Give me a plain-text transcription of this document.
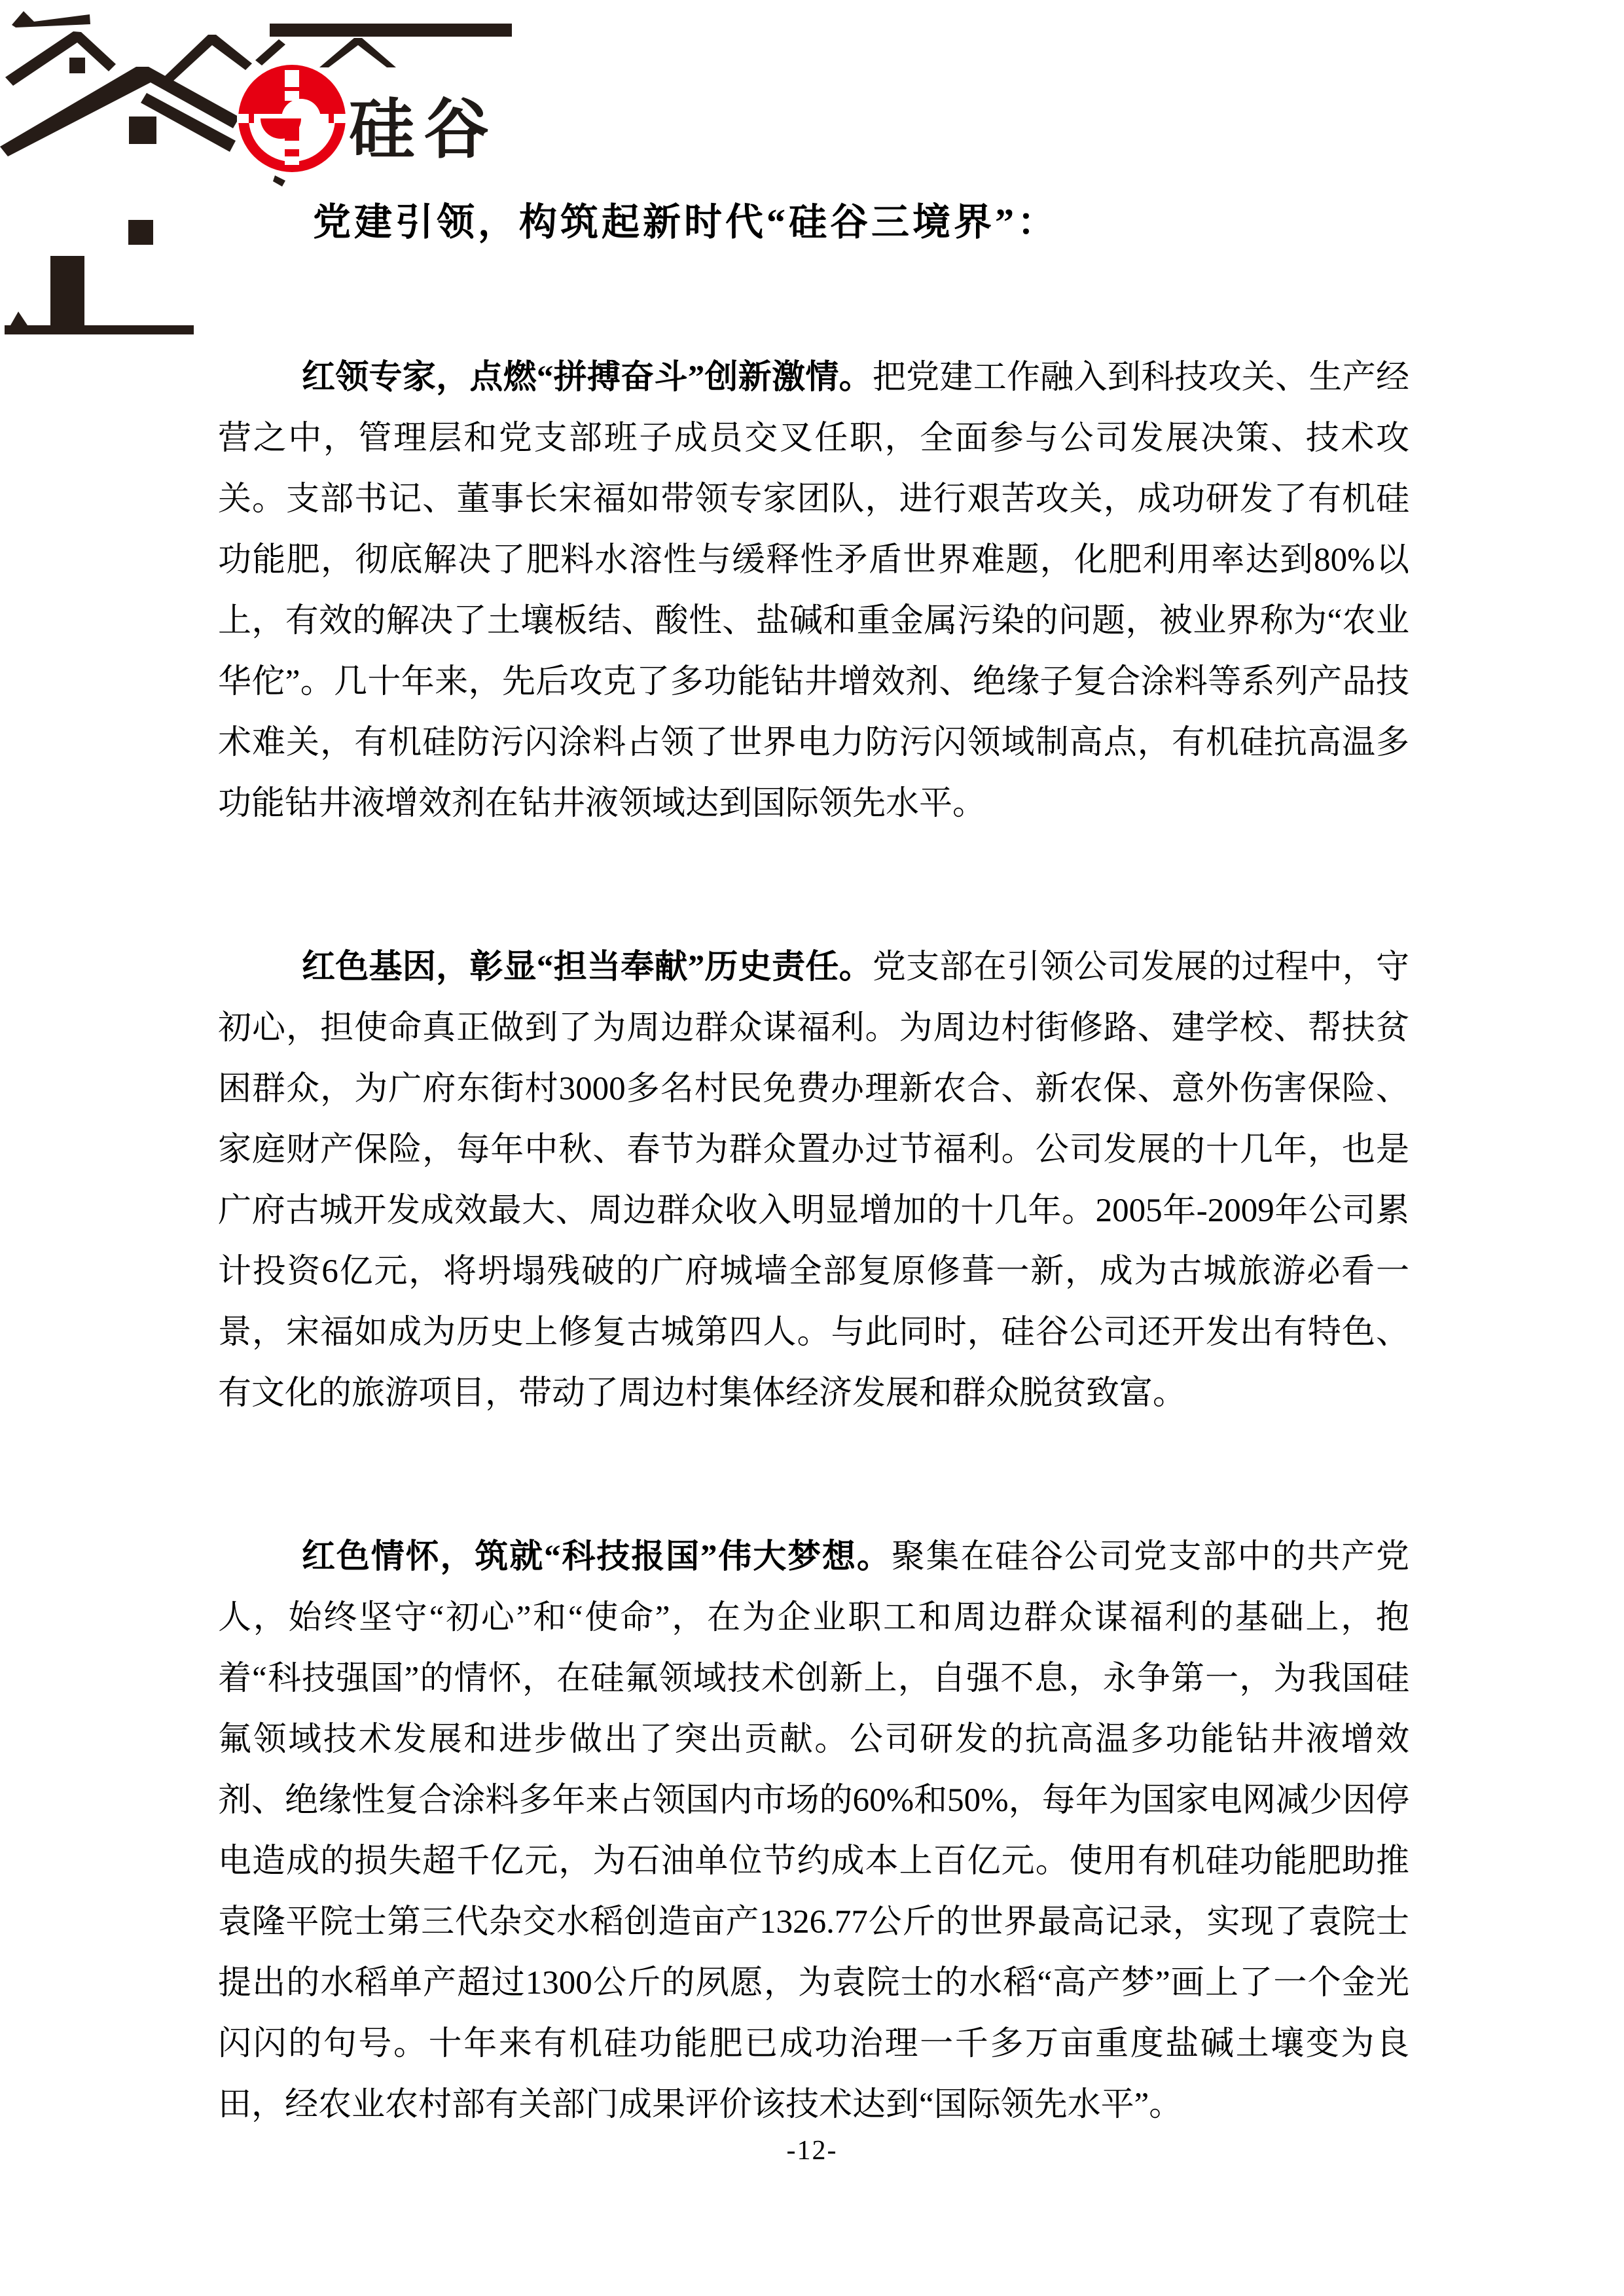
硅谷
党建引领，构筑起新时代“硅谷三境界”：

红领专家，点燃“拼搏奋斗”创新激情。把党建工作融入到科技攻关、生产经营之中，管理层和党支部班子成员交叉任职，全面参与公司发展决策、技术攻关。支部书记、董事长宋福如带领专家团队，进行艰苦攻关，成功研发了有机硅功能肥，彻底解决了肥料水溶性与缓释性矛盾世界难题，化肥利用率达到80%以上，有效的解决了土壤板结、酸性、盐碱和重金属污染的问题，被业界称为“农业华佗”。几十年来，先后攻克了多功能钻井增效剂、绝缘子复合涂料等系列产品技术难关，有机硅防污闪涂料占领了世界电力防污闪领域制高点，有机硅抗高温多功能钻井液增效剂在钻井液领域达到国际领先水平。

红色基因，彰显“担当奉献”历史责任。党支部在引领公司发展的过程中，守初心，担使命真正做到了为周边群众谋福利。为周边村街修路、建学校、帮扶贫困群众，为广府东街村3000多名村民免费办理新农合、新农保、意外伤害保险、家庭财产保险，每年中秋、春节为群众置办过节福利。公司发展的十几年，也是广府古城开发成效最大、周边群众收入明显增加的十几年。2005年-2009年公司累计投资6亿元，将坍塌残破的广府城墙全部复原修葺一新，成为古城旅游必看一景，宋福如成为历史上修复古城第四人。与此同时，硅谷公司还开发出有特色、有文化的旅游项目，带动了周边村集体经济发展和群众脱贫致富。

红色情怀，筑就“科技报国”伟大梦想。聚集在硅谷公司党支部中的共产党人，始终坚守“初心”和“使命”，在为企业职工和周边群众谋福利的基础上，抱着“科技强国”的情怀，在硅氟领域技术创新上，自强不息，永争第一，为我国硅氟领域技术发展和进步做出了突出贡献。公司研发的抗高温多功能钻井液增效剂、绝缘性复合涂料多年来占领国内市场的60%和50%，每年为国家电网减少因停电造成的损失超千亿元，为石油单位节约成本上百亿元。使用有机硅功能肥助推袁隆平院士第三代杂交水稻创造亩产1326.77公斤的世界最高记录，实现了袁院士提出的水稻单产超过1300公斤的夙愿，为袁院士的水稻“高产梦”画上了一个金光闪闪的句号。十年来有机硅功能肥已成功治理一千多万亩重度盐碱土壤变为良田，经农业农村部有关部门成果评价该技术达到“国际领先水平”。

-12-
